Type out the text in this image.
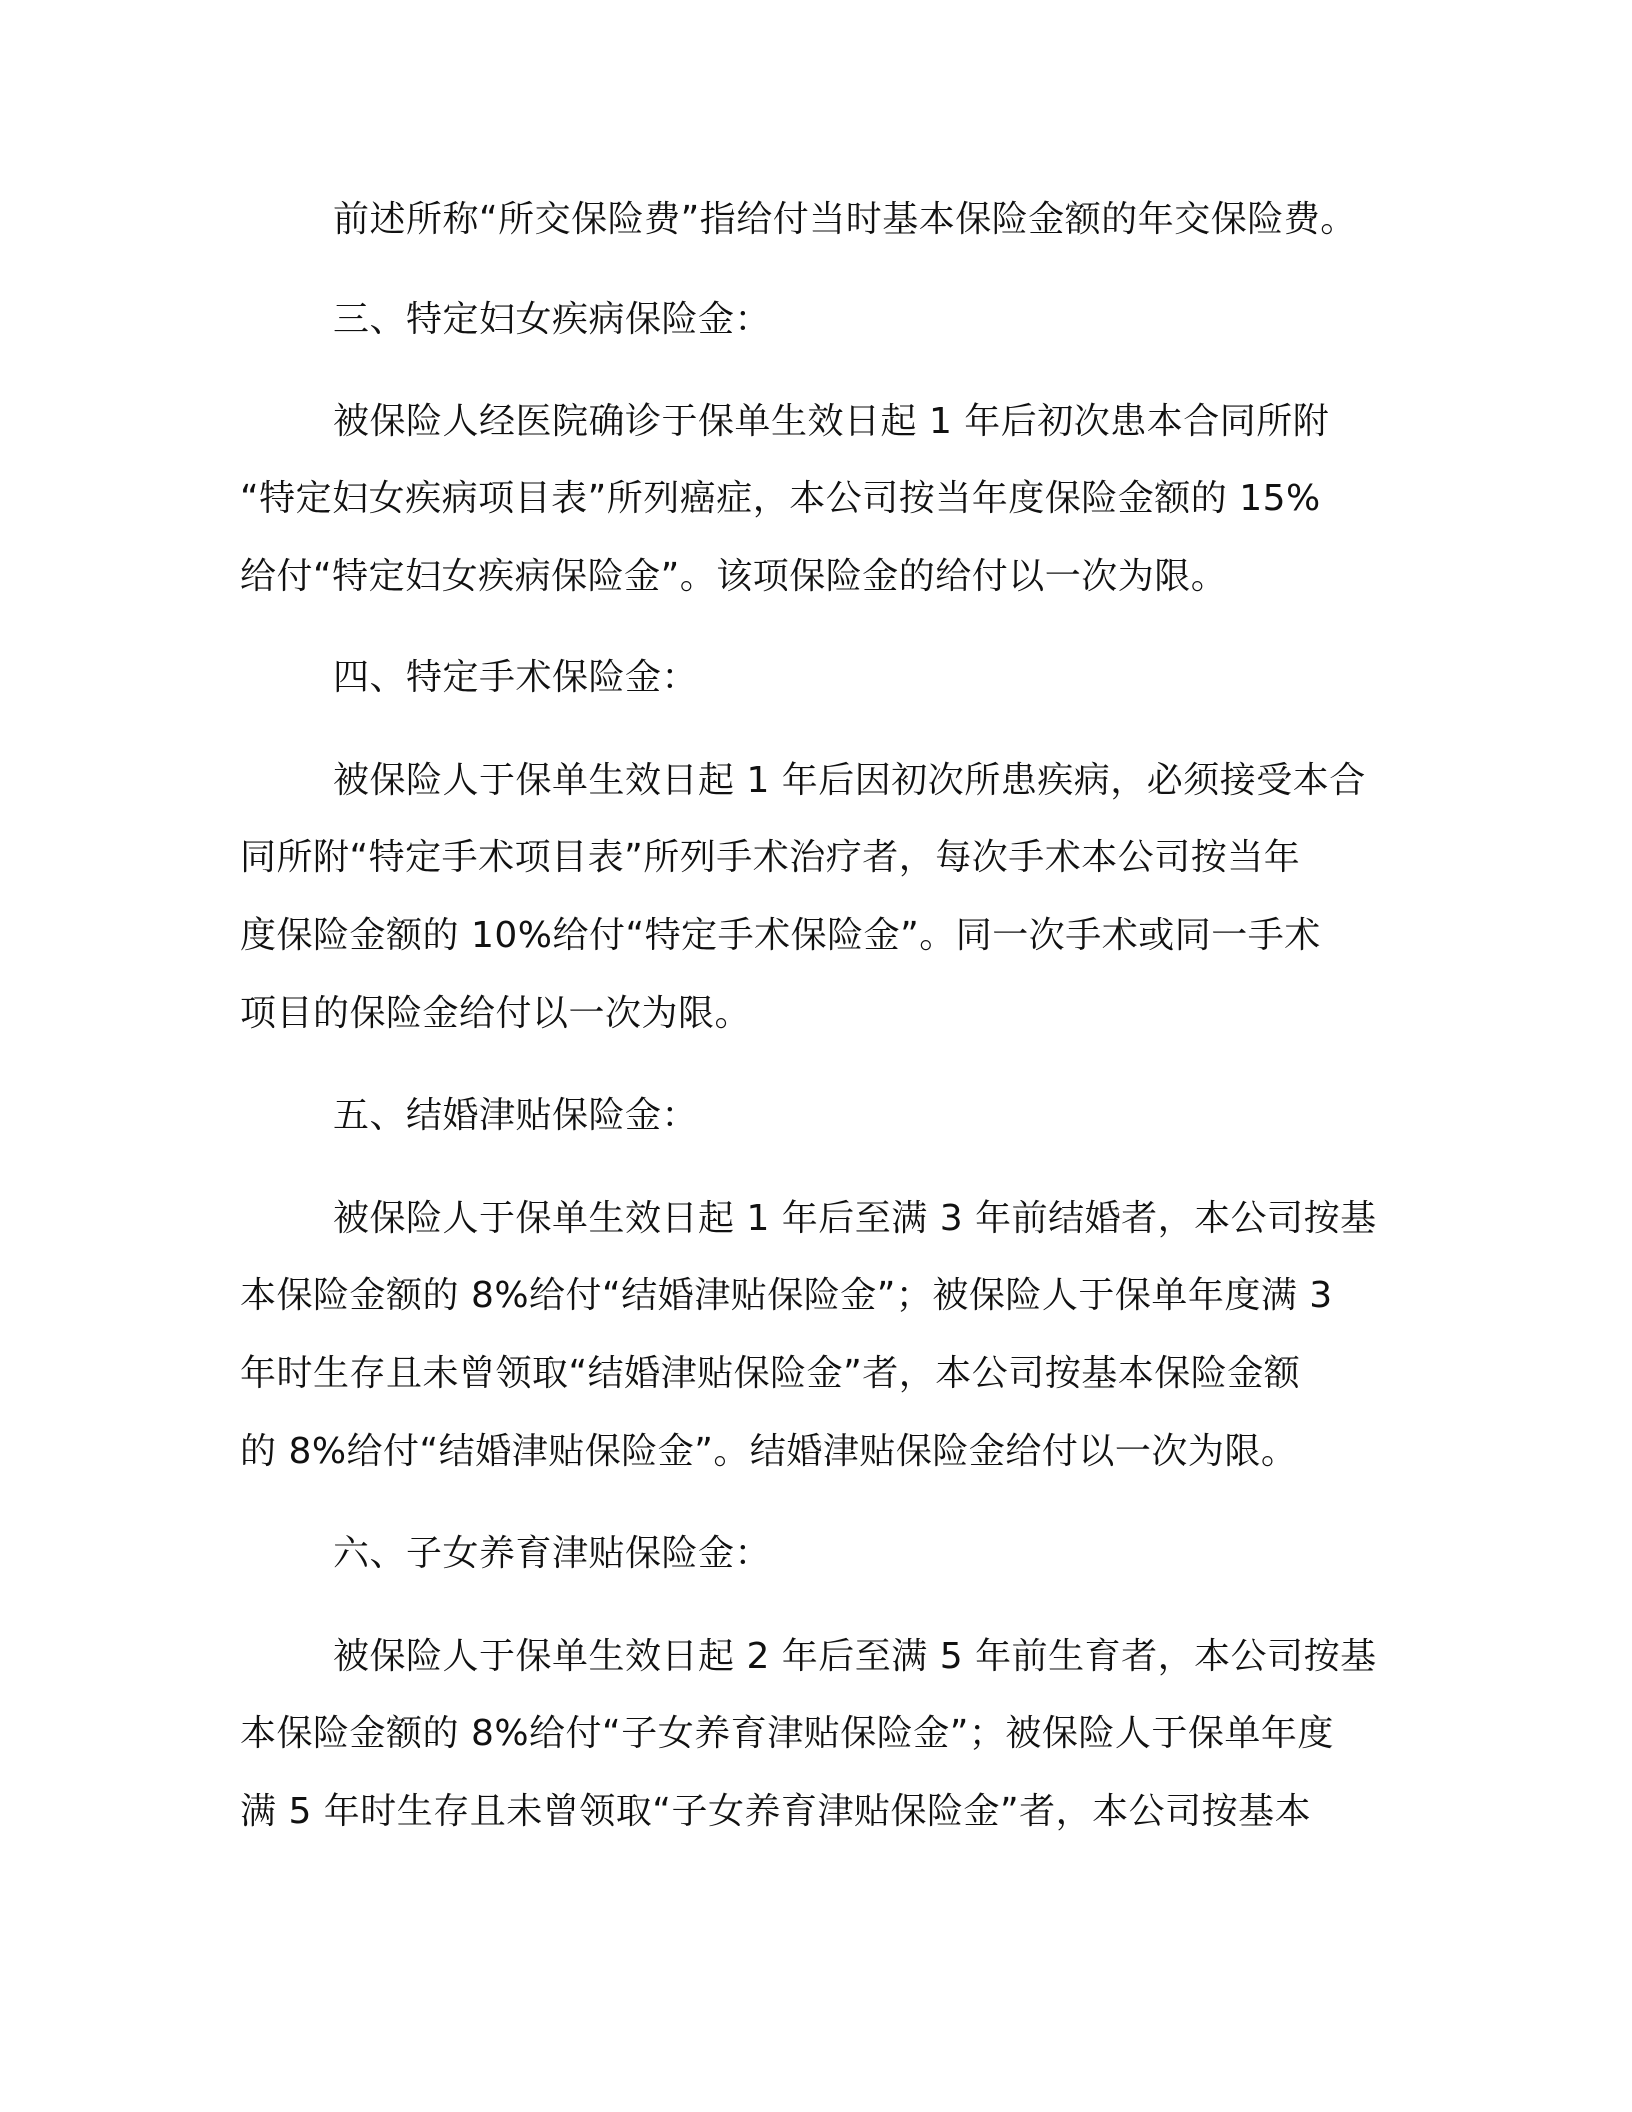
前述所称“所交保险费”指给付当时基本保险金额的年交保险费。
三、特定妇女疾病保险金：
被保险人经医院确诊于保单生效日起 1 年后初次患本合同所附
“特定妇女疾病项目表”所列癌症，本公司按当年度保险金额的 15%
给付“特定妇女疾病保险金”。该项保险金的给付以一次为限。
四、特定手术保险金：
被保险人于保单生效日起 1 年后因初次所患疾病，必须接受本合
同所附“特定手术项目表”所列手术治疗者，每次手术本公司按当年
度保险金额的 10%给付“特定手术保险金”。同一次手术或同一手术
项目的保险金给付以一次为限。
五、结婚津贴保险金：
被保险人于保单生效日起 1 年后至满 3 年前结婚者，本公司按基
本保险金额的 8%给付“结婚津贴保险金”；被保险人于保单年度满 3
年时生存且未曾领取“结婚津贴保险金”者，本公司按基本保险金额
的 8%给付“结婚津贴保险金”。结婚津贴保险金给付以一次为限。
六、子女养育津贴保险金：
被保险人于保单生效日起 2 年后至满 5 年前生育者，本公司按基
本保险金额的 8%给付“子女养育津贴保险金”；被保险人于保单年度
满 5 年时生存且未曾领取“子女养育津贴保险金”者，本公司按基本
